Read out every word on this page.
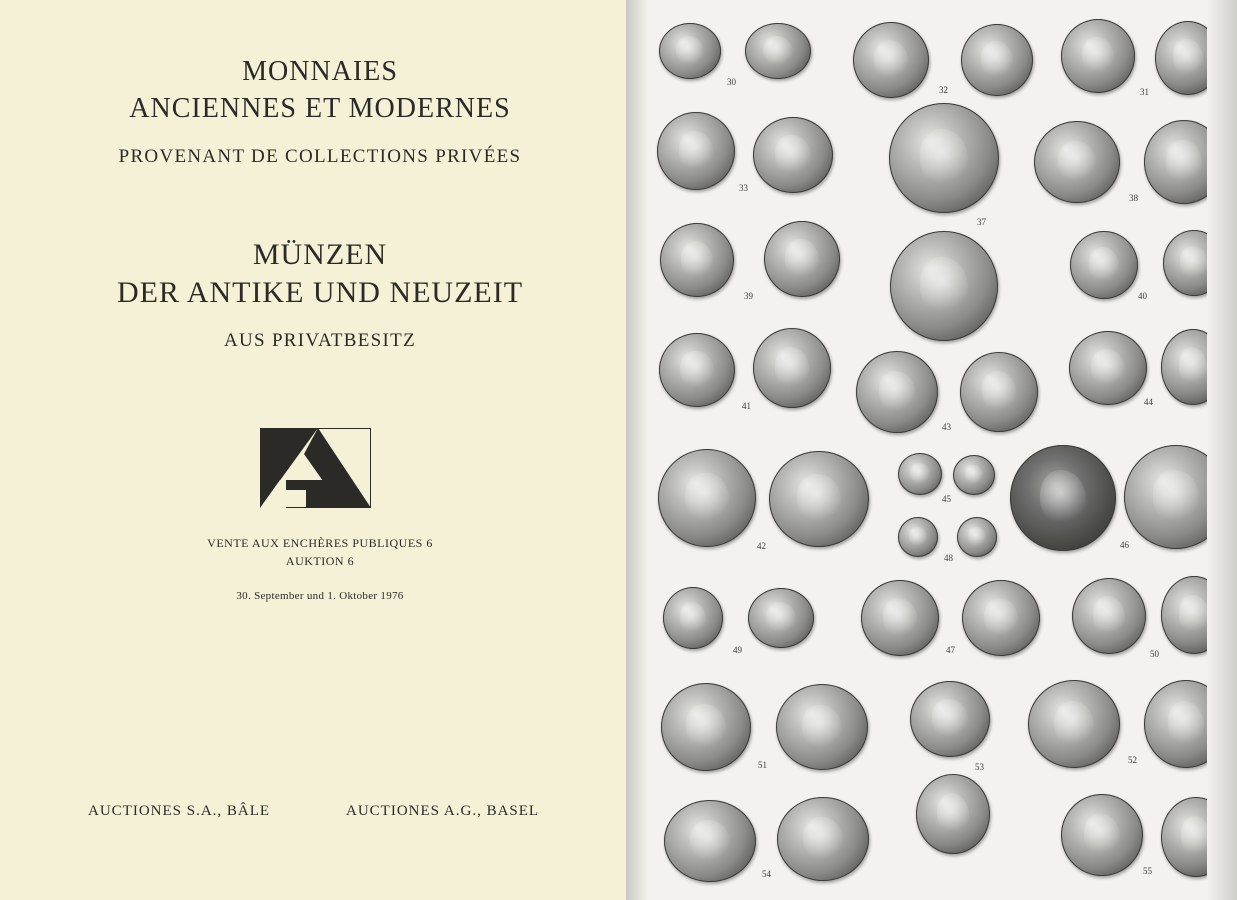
MONNAIES
ANCIENNES ET MODERNES
PROVENANT DE COLLECTIONS PRIVÉES
MÜNZEN
DER ANTIKE UND NEUZEIT
AUS PRIVATBESITZ
VENTE AUX ENCHÈRES PUBLIQUES 6
AUKTION 6
30. September und 1. Oktober 1976
AUCTIONES S.A., BÂLE	AUCTIONES A.G., BASEL
30
32	31
33
37
38
39	40
41
43
44
42
45
48
46
49	47	50
51	53
52
54	55
